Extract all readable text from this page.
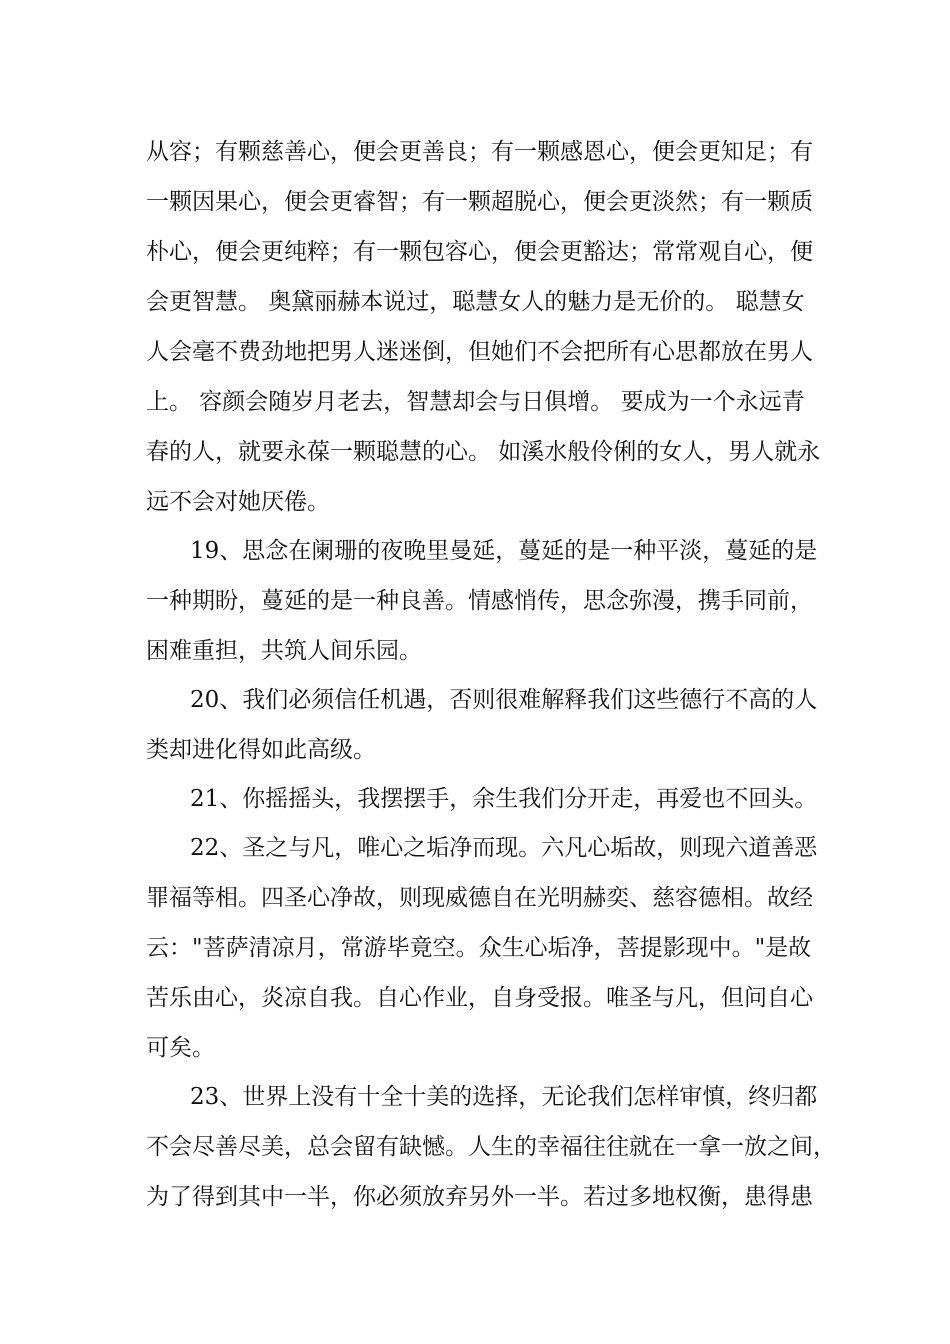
从容；有颗慈善心，便会更善良；有一颗感恩心，便会更知足；有
一颗因果心，便会更睿智；有一颗超脱心，便会更淡然；有一颗质
朴心，便会更纯粹；有一颗包容心，便会更豁达；常常观自心，便
会更智慧。 奥黛丽赫本说过，聪慧女人的魅力是无价的。 聪慧女
人会毫不费劲地把男人迷迷倒，但她们不会把所有心思都放在男人
上。 容颜会随岁月老去，智慧却会与日俱增。 要成为一个永远青
春的人，就要永葆一颗聪慧的心。 如溪水般伶俐的女人，男人就永
远不会对她厌倦。
19、思念在阑珊的夜晚里曼延，蔓延的是一种平淡，蔓延的是
一种期盼，蔓延的是一种良善。情感悄传，思念弥漫，携手同前，
困难重担，共筑人间乐园。
20、我们必须信任机遇，否则很难解释我们这些德行不高的人
类却进化得如此高级。
21、你摇摇头，我摆摆手，余生我们分开走，再爱也不回头。
22、圣之与凡，唯心之垢净而现。六凡心垢故，则现六道善恶
罪福等相。四圣心净故，则现威德自在光明赫奕、慈容德相。故经
云："菩萨清凉月，常游毕竟空。众生心垢净，菩提影现中。"是故
苦乐由心，炎凉自我。自心作业，自身受报。唯圣与凡，但问自心
可矣。
23、世界上没有十全十美的选择，无论我们怎样审慎，终归都
不会尽善尽美，总会留有缺憾。人生的幸福往往就在一拿一放之间，
为了得到其中一半，你必须放弃另外一半。若过多地权衡，患得患
